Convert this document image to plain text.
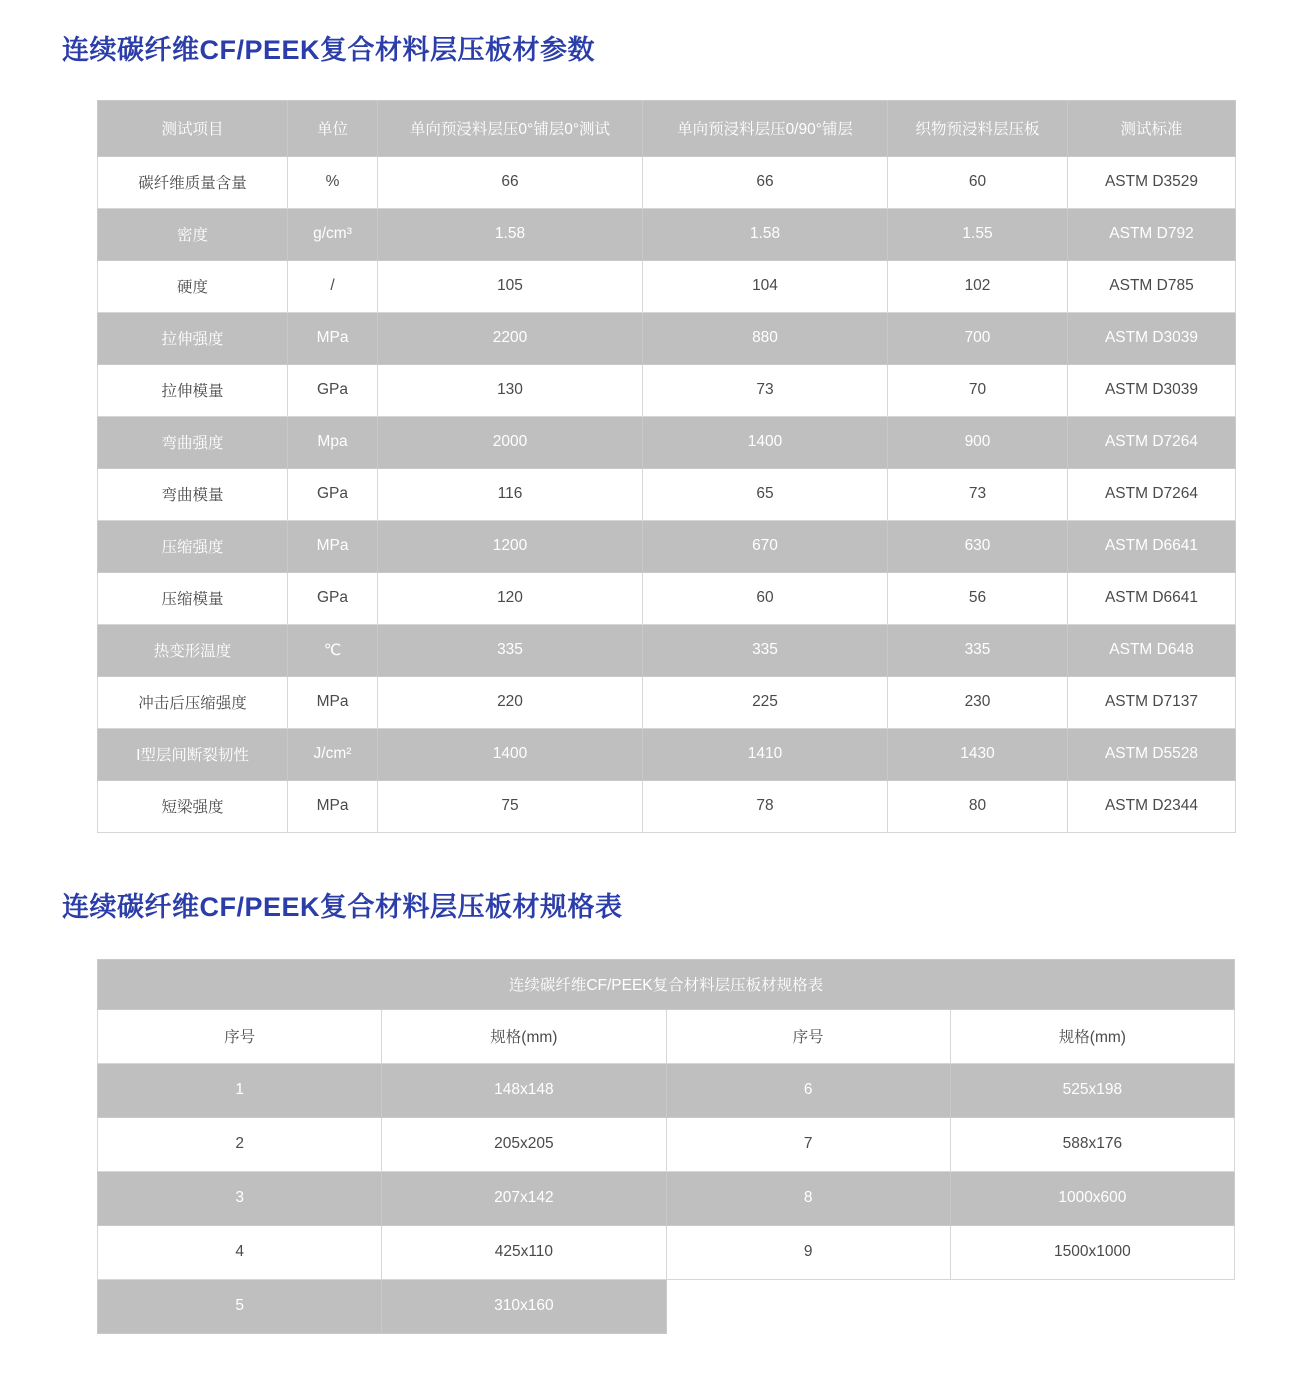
连续碳纤维CF/PEEK复合材料层压板材参数
测试项目	单位	单向预浸料层压0°铺层0°测试	单向预浸料层压0/90°铺层	织物预浸料层压板	测试标准
碳纤维质量含量	%	66	66	60	ASTM D3529
密度	g/cm³	1.58	1.58	1.55	ASTM D792
硬度	/	105	104	102	ASTM D785
拉伸强度	MPa	2200	880	700	ASTM D3039
拉伸模量	GPa	130	73	70	ASTM D3039
弯曲强度	Mpa	2000	1400	900	ASTM D7264
弯曲模量	GPa	116	65	73	ASTM D7264
压缩强度	MPa	1200	670	630	ASTM D6641
压缩模量	GPa	120	60	56	ASTM D6641
热变形温度	℃	335	335	335	ASTM D648
冲击后压缩强度	MPa	220	225	230	ASTM D7137
I型层间断裂韧性	J/cm²	1400	1410	1430	ASTM D5528
短梁强度	MPa	75	78	80	ASTM D2344
连续碳纤维CF/PEEK复合材料层压板材规格表
连续碳纤维CF/PEEK复合材料层压板材规格表			
序号	规格(mm)	序号	规格(mm)
1	148x148	6	525x198
2	205x205	7	588x176
3	207x142	8	1000x600
4	425x110	9	1500x1000
5	310x160		
